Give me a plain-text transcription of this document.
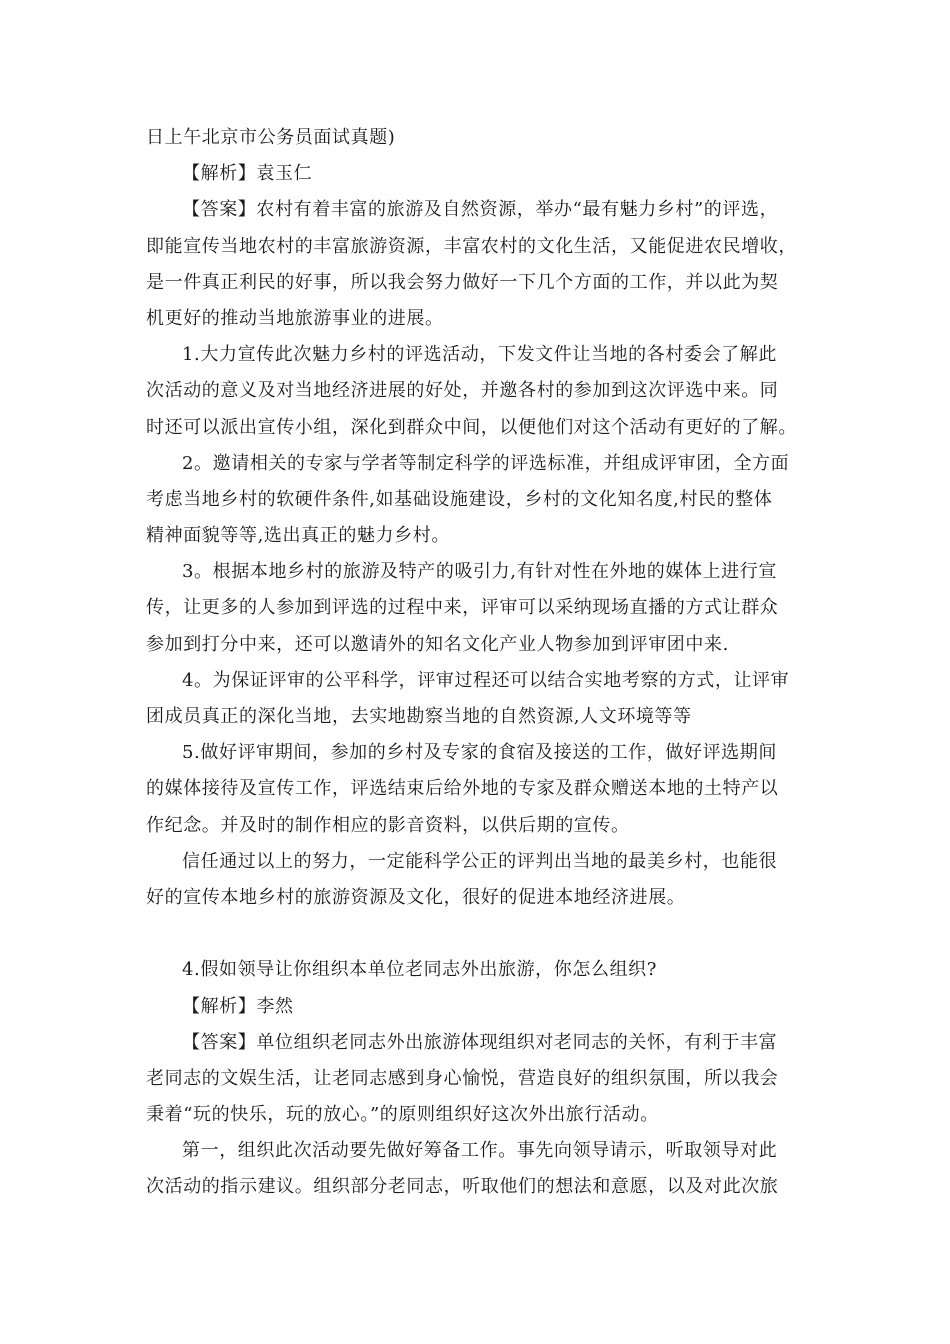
日上午北京市公务员面试真题)
【解析】袁玉仁
【答案】农村有着丰富的旅游及自然资源，举办“最有魅力乡村”的评选，
即能宣传当地农村的丰富旅游资源，丰富农村的文化生活，又能促进农民增收，
是一件真正利民的好事，所以我会努力做好一下几个方面的工作，并以此为契
机更好的推动当地旅游事业的进展。
1.大力宣传此次魅力乡村的评选活动，下发文件让当地的各村委会了解此
次活动的意义及对当地经济进展的好处，并邀各村的参加到这次评选中来。同
时还可以派出宣传小组，深化到群众中间，以便他们对这个活动有更好的了解。
2。邀请相关的专家与学者等制定科学的评选标准，并组成评审团，全方面
考虑当地乡村的软硬件条件,如基础设施建设，乡村的文化知名度,村民的整体
精神面貌等等,选出真正的魅力乡村。
3。根据本地乡村的旅游及特产的吸引力,有针对性在外地的媒体上进行宣
传，让更多的人参加到评选的过程中来，评审可以采纳现场直播的方式让群众
参加到打分中来，还可以邀请外的知名文化产业人物参加到评审团中来.
4。为保证评审的公平科学，评审过程还可以结合实地考察的方式，让评审
团成员真正的深化当地，去实地勘察当地的自然资源,人文环境等等
5.做好评审期间，参加的乡村及专家的食宿及接送的工作，做好评选期间
的媒体接待及宣传工作，评选结束后给外地的专家及群众赠送本地的土特产以
作纪念。并及时的制作相应的影音资料，以供后期的宣传。
信任通过以上的努力，一定能科学公正的评判出当地的最美乡村，也能很
好的宣传本地乡村的旅游资源及文化，很好的促进本地经济进展。
4.假如领导让你组织本单位老同志外出旅游，你怎么组织?
【解析】李然
【答案】单位组织老同志外出旅游体现组织对老同志的关怀，有利于丰富
老同志的文娱生活，让老同志感到身心愉悦，营造良好的组织氛围，所以我会
秉着“玩的快乐，玩的放心。”的原则组织好这次外出旅行活动。
第一，组织此次活动要先做好筹备工作。事先向领导请示，听取领导对此
次活动的指示建议。组织部分老同志，听取他们的想法和意愿，以及对此次旅
